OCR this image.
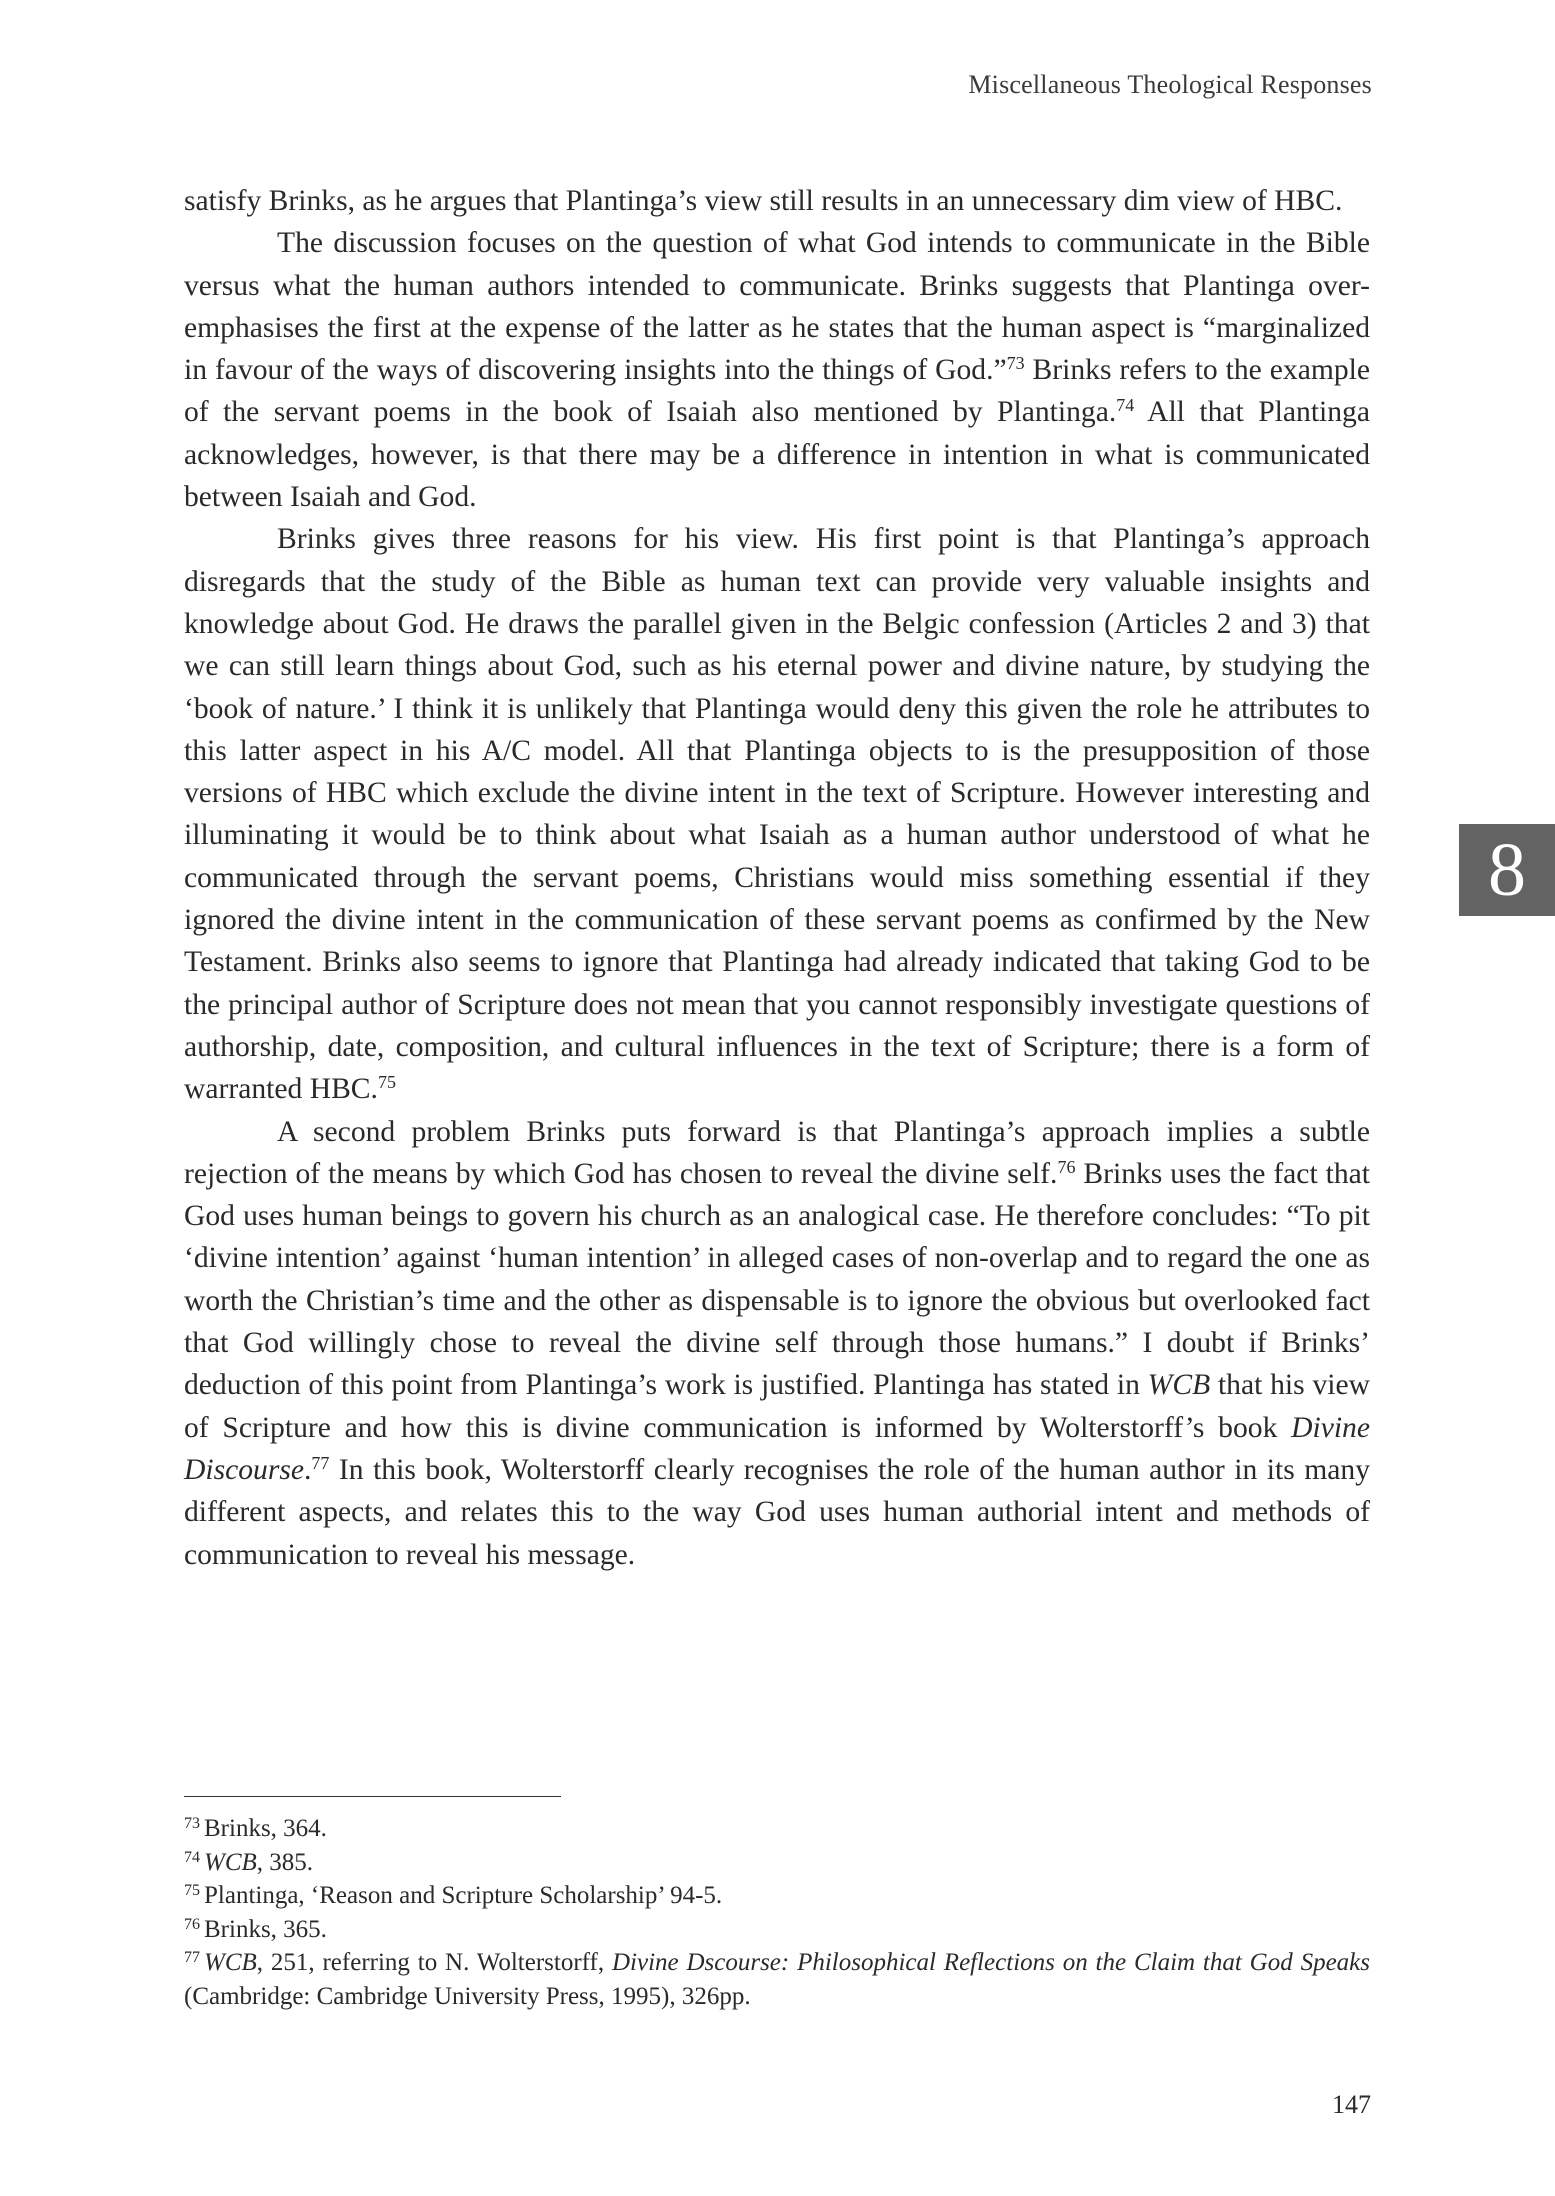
Miscellaneous Theological Responses

satisfy Brinks, as he argues that Plantinga’s view still results in an unnecessary dim view of HBC.

The discussion focuses on the question of what God intends to communicate in the Bible versus what the human authors intended to communicate. Brinks suggests that Plantinga over-emphasises the first at the expense of the latter as he states that the human aspect is “marginalized in favour of the ways of discovering insights into the things of God.”$^{73}$ Brinks refers to the example of the servant poems in the book of Isaiah also mentioned by Plantinga.$^{74}$ All that Plantinga acknowledges, however, is that there may be a difference in intention in what is communicated between Isaiah and God.

Brinks gives three reasons for his view. His first point is that Plantinga’s approach disregards that the study of the Bible as human text can provide very valuable insights and knowledge about God. He draws the parallel given in the Belgic confession (Articles 2 and 3) that we can still learn things about God, such as his eternal power and divine nature, by studying the ‘book of nature.’ I think it is unlikely that Plantinga would deny this given the role he attributes to this latter aspect in his A/C model. All that Plantinga objects to is the presupposition of those versions of HBC which exclude the divine intent in the text of Scripture. However interesting and illuminating it would be to think about what Isaiah as a human author understood of what he communicated through the servant poems, Christians would miss something essential if they ignored the divine intent in the communication of these servant poems as confirmed by the New Testament. Brinks also seems to ignore that Plantinga had already indicated that taking God to be the principal author of Scripture does not mean that you cannot responsibly investigate questions of authorship, date, composition, and cultural influences in the text of Scripture; there is a form of warranted HBC.$^{75}$

A second problem Brinks puts forward is that Plantinga’s approach implies a subtle rejection of the means by which God has chosen to reveal the divine self.$^{76}$ Brinks uses the fact that God uses human beings to govern his church as an analogical case. He therefore concludes: “To pit ‘divine intention’ against ‘human intention’ in alleged cases of non-overlap and to regard the one as worth the Christian’s time and the other as dispensable is to ignore the obvious but overlooked fact that God willingly chose to reveal the divine self through those humans.” I doubt if Brinks’ deduction of this point from Plantinga’s work is justified. Plantinga has stated in WCB that his view of Scripture and how this is divine communication is informed by Wolterstorff’s book Divine Discourse.$^{77}$ In this book, Wolterstorff clearly recognises the role of the human author in its many different aspects, and relates this to the way God uses human authorial intent and methods of communication to reveal his message.

8
$^{73}$ Brinks, 364.
$^{74}$ WCB, 385.
$^{75}$ Plantinga, ‘Reason and Scripture Scholarship’ 94-5.
$^{76}$ Brinks, 365.
$^{77}$ WCB, 251, referring to N. Wolterstorff, Divine Dscourse: Philosophical Reflections on the Claim that God Speaks (Cambridge: Cambridge University Press, 1995), 326pp.
147
